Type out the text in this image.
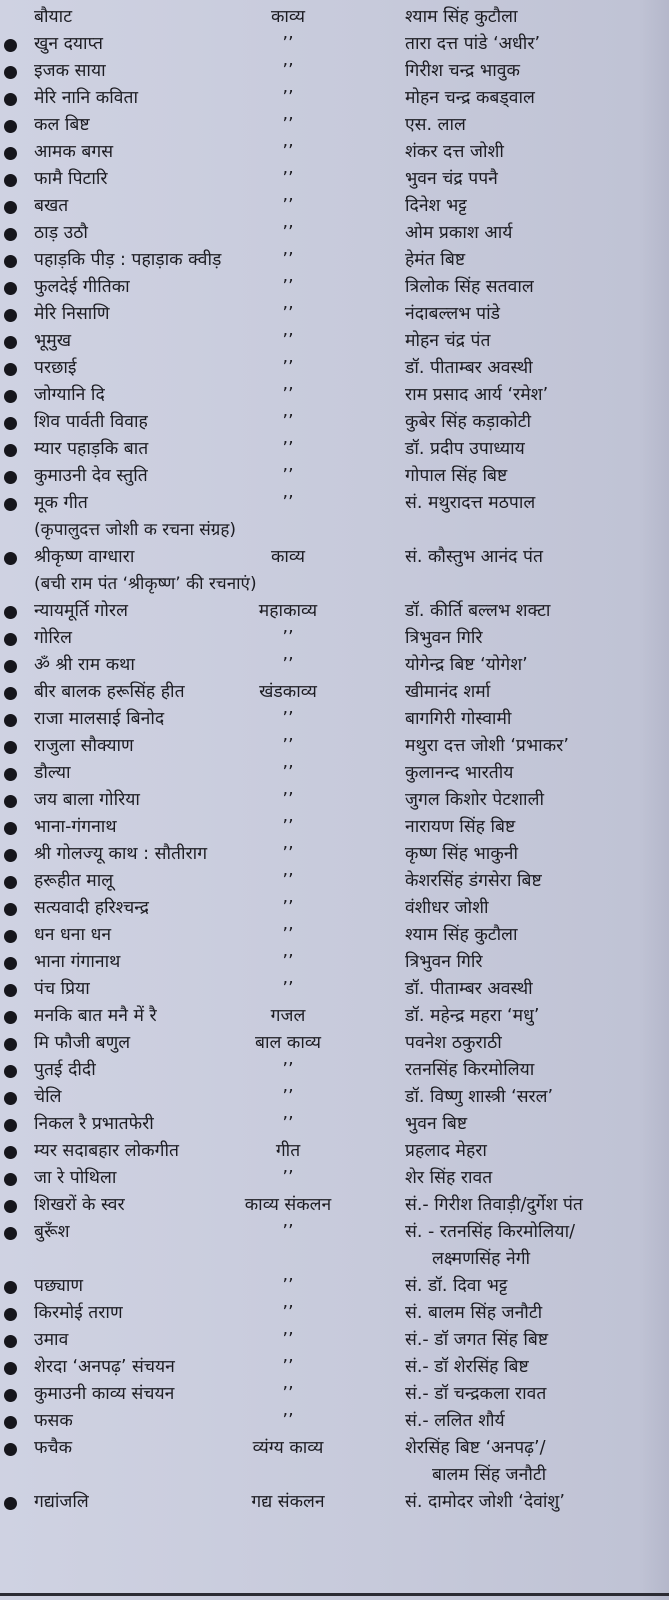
बौयाट	काव्य	श्याम सिंह कुटौला
खुन दयाप्त	’’	तारा दत्त पांडे ‘अधीर’
इजक साया	’’	गिरीश चन्द्र भावुक
मेरि नानि कविता	’’	मोहन चन्द्र कबड्वाल
कल बिष्ट	’’	एस. लाल
आमक बगस	’’	शंकर दत्त जोशी
फामै पिटारि	’’	भुवन चंद्र पपनै
बखत	’’	दिनेश भट्ट
ठाड़ उठौ	’’	ओम प्रकाश आर्य
पहाड़कि पीड़ : पहाड़ाक क्वीड़	’’	हेमंत बिष्ट
फुलदेई गीतिका	’’	त्रिलोक सिंह सतवाल
मेरि निसाणि	’’	नंदाबल्लभ पांडे
भूमुख	’’	मोहन चंद्र पंत
परछाई	’’	डॉ. पीताम्बर अवस्थी
जोग्यानि दि	’’	राम प्रसाद आर्य ‘रमेश’
शिव पार्वती विवाह	’’	कुबेर सिंह कड़ाकोटी
म्यार पहाड़कि बात	’’	डॉ. प्रदीप उपाध्याय
कुमाउनी देव स्तुति	’’	गोपाल सिंह बिष्ट
मूक गीत	’’	सं. मथुरादत्त मठपाल
(कृपालुदत्त जोशी क रचना संग्रह)
श्रीकृष्ण वाग्धारा	काव्य	सं. कौस्तुभ आनंद पंत
(बची राम पंत ‘श्रीकृष्ण’ की रचनाएं)
न्यायमूर्ति गोरल	महाकाव्य	डॉ. कीर्ति बल्लभ शक्टा
गोरिल	’’	त्रिभुवन गिरि
ॐ श्री राम कथा	’’	योगेन्द्र बिष्ट ‘योगेश’
बीर बालक हरूसिंह हीत	खंडकाव्य	खीमानंद शर्मा
राजा मालसाई बिनोद	’’	बागगिरी गोस्वामी
राजुला सौक्याण	’’	मथुरा दत्त जोशी ‘प्रभाकर’
डौल्या	’’	कुलानन्द भारतीय
जय बाला गोरिया	’’	जुगल किशोर पेटशाली
भाना-गंगनाथ	’’	नारायण सिंह बिष्ट
श्री गोलज्यू काथ : सौतीराग	’’	कृष्ण सिंह भाकुनी
हरूहीत मालू	’’	केशरसिंह डंगसेरा बिष्ट
सत्यवादी हरिश्चन्द्र	’’	वंशीधर जोशी
धन धना धन	’’	श्याम सिंह कुटौला
भाना गंगानाथ	’’	त्रिभुवन गिरि
पंच प्रिया	’’	डॉ. पीताम्बर अवस्थी
मनकि बात मनै में रै	गजल	डॉ. महेन्द्र महरा ‘मधु’
मि फौजी बणुल	बाल काव्य	पवनेश ठकुराठी
पुतई दीदी	’’	रतनसिंह किरमोलिया
चेलि	’’	डॉ. विष्णु शास्त्री ‘सरल’
निकल रै प्रभातफेरी	’’	भुवन बिष्ट
म्यर सदाबहार लोकगीत	गीत	प्रहलाद मेहरा
जा रे पोथिला	’’	शेर सिंह रावत
शिखरों के स्वर	काव्य संकलन	सं.- गिरीश तिवाड़ी/दुर्गेश पंत
बुरूँश	’’	सं. - रतनसिंह किरमोलिया/
लक्ष्मणसिंह नेगी
पछ्याण	’’	सं. डॉ. दिवा भट्ट
किरमोई तराण	’’	सं. बालम सिंह जनौटी
उमाव	’’	सं.- डॉ जगत सिंह बिष्ट
शेरदा ‘अनपढ़’ संचयन	’’	सं.- डॉ शेरसिंह बिष्ट
कुमाउनी काव्य संचयन	’’	सं.- डॉ चन्द्रकला रावत
फसक	’’	सं.- ललित शौर्य
फचैक	व्यंग्य काव्य	शेरसिंह बिष्ट ‘अनपढ़’/
बालम सिंह जनौटी
गद्यांजलि	गद्य संकलन	सं. दामोदर जोशी ‘देवांशु’
